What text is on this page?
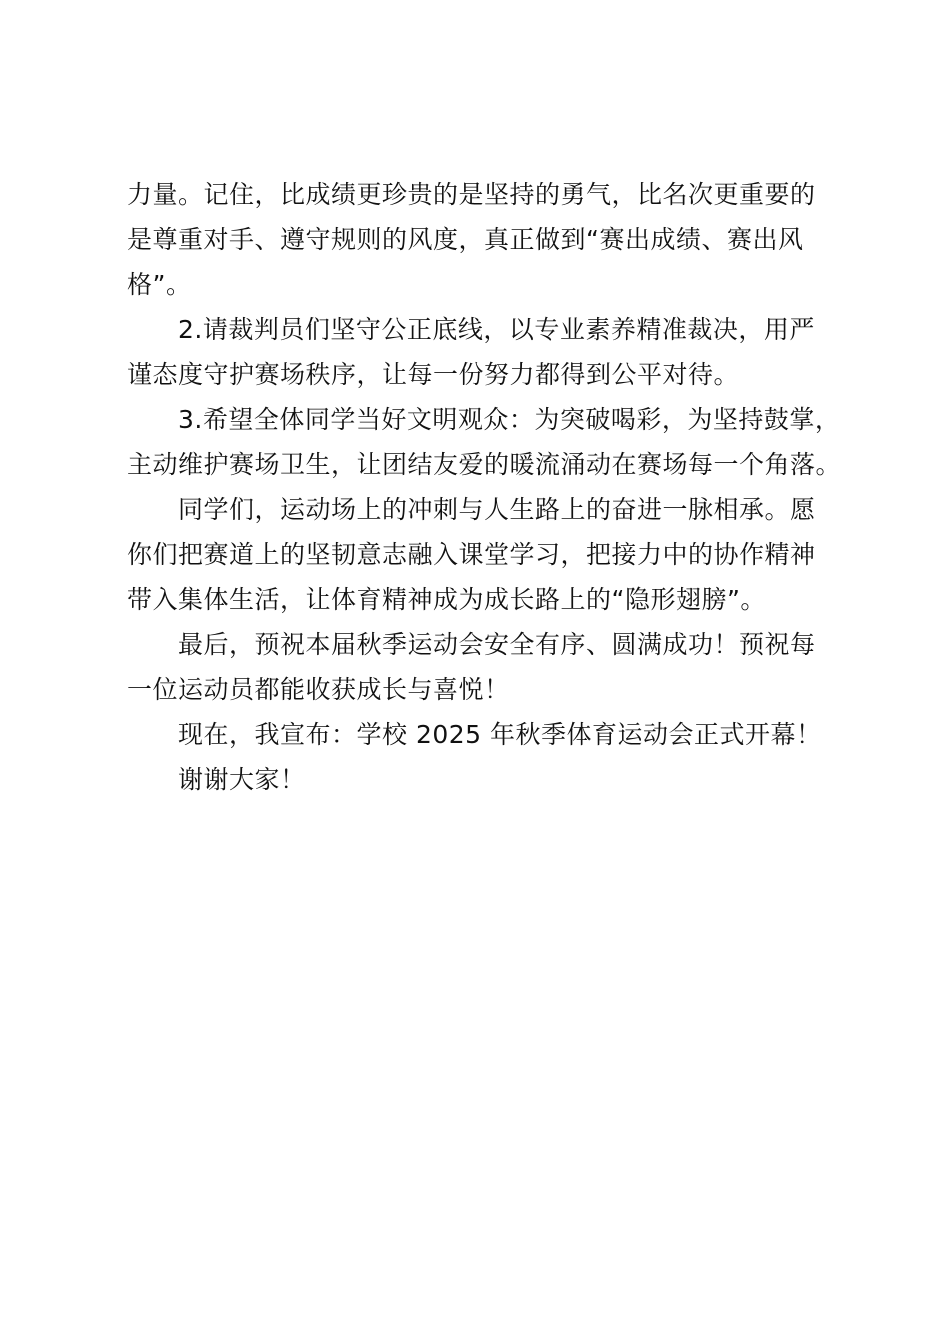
力量。记住，比成绩更珍贵的是坚持的勇气，比名次更重要的
是尊重对手、遵守规则的风度，真正做到“赛出成绩、赛出风
格”。
2.请裁判员们坚守公正底线，以专业素养精准裁决，用严
谨态度守护赛场秩序，让每一份努力都得到公平对待。
3.希望全体同学当好文明观众：为突破喝彩，为坚持鼓掌，
主动维护赛场卫生，让团结友爱的暖流涌动在赛场每一个角落。
同学们，运动场上的冲刺与人生路上的奋进一脉相承。愿
你们把赛道上的坚韧意志融入课堂学习，把接力中的协作精神
带入集体生活，让体育精神成为成长路上的“隐形翅膀”。
最后，预祝本届秋季运动会安全有序、圆满成功！预祝每
一位运动员都能收获成长与喜悦！
现在，我宣布：学校 2025 年秋季体育运动会正式开幕！
谢谢大家！
